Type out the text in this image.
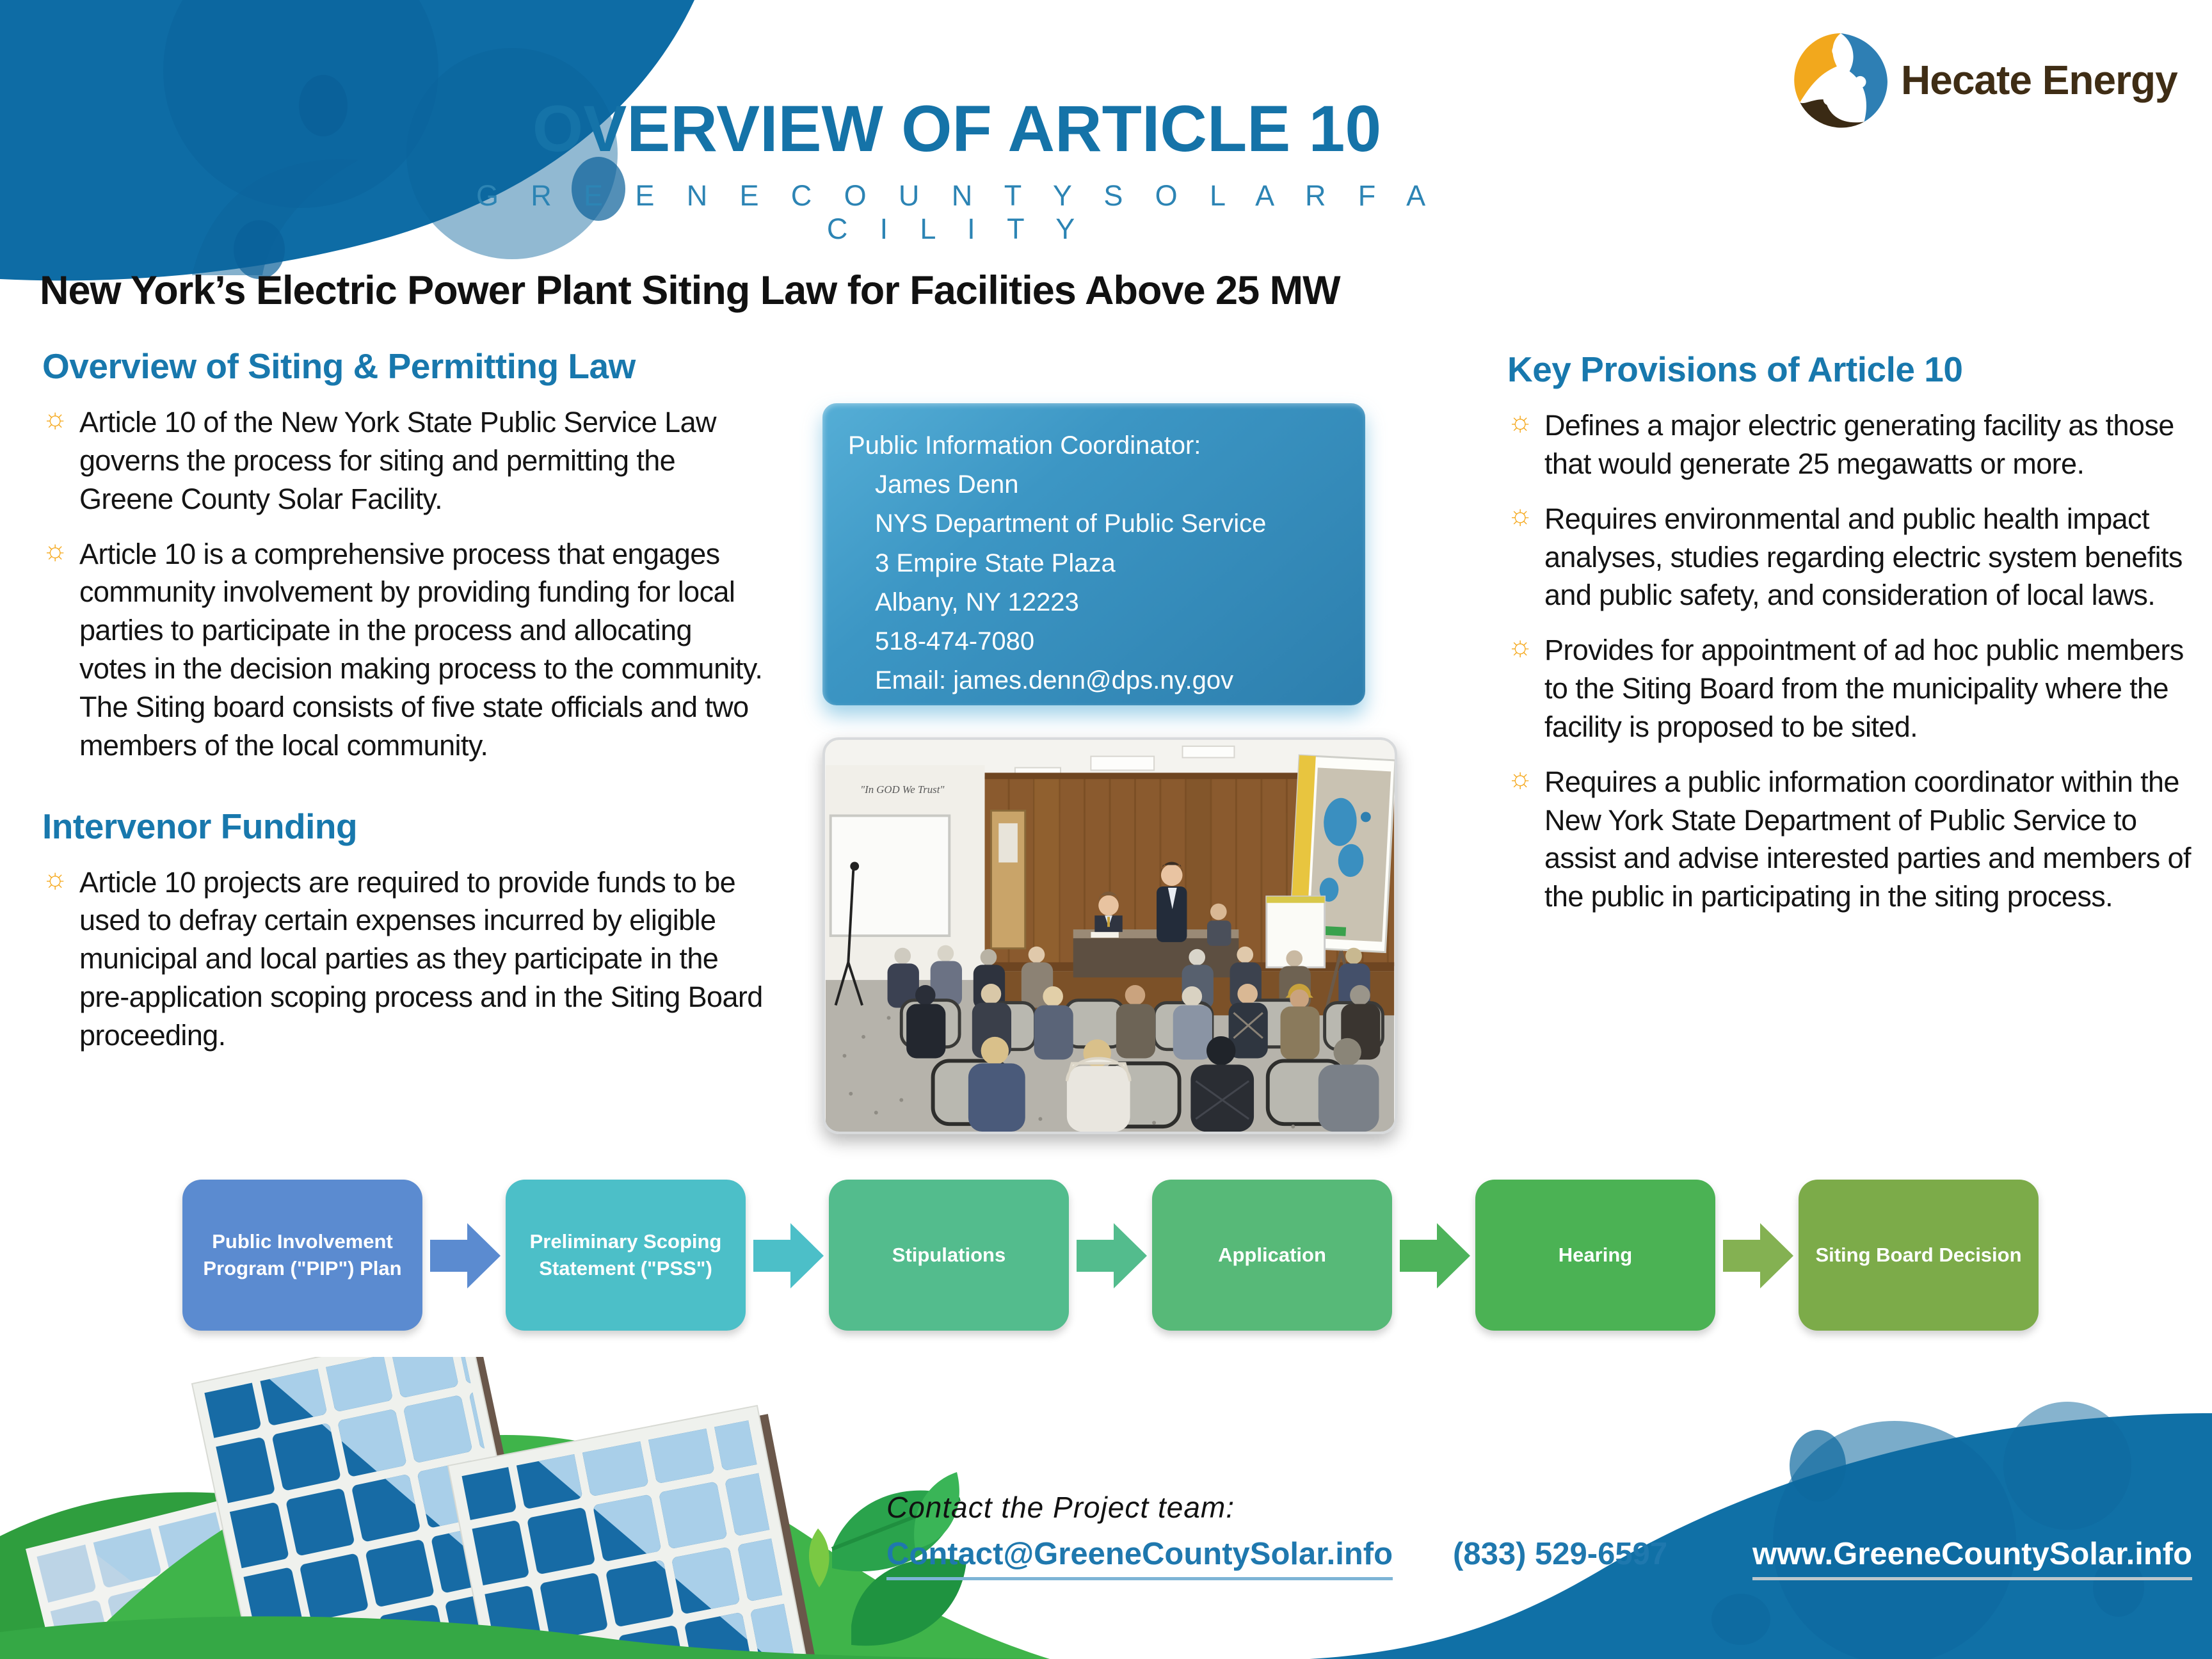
OVERVIEW OF ARTICLE 10
G R E E N E C O U N T Y S O L A R F A C I L I T Y
Hecate Energy
New York’s Electric Power Plant Siting Law for Facilities Above 25 MW
Overview of Siting & Permitting Law
☼ Article 10 of the New York State Public Service Law governs the process for siting and permitting the Greene County Solar Facility.
☼ Article 10 is a comprehensive process that engages community involvement by providing funding for local parties to participate in the process and allocating votes in the decision making process to the community. The Siting board consists of five state officials and two members of the local community.
Intervenor Funding
☼ Article 10 projects are required to provide funds to be used to defray certain expenses incurred by eligible municipal and local parties as they participate in the pre-application scoping process and in the Siting Board proceeding.
Key Provisions of Article 10
☼ Defines a major electric generating facility as those that would generate 25 megawatts or more.
☼ Requires environmental and public health impact analyses, studies regarding electric system benefits and public safety, and consideration of local laws.
☼ Provides for appointment of ad hoc public members to the Siting Board from the municipality where the facility is proposed to be sited.
☼ Requires a public information coordinator within the New York State Department of Public Service to assist and advise interested parties and members of the public in participating in the siting process.
Public Information Coordinator:
James Denn
NYS Department of Public Service
3 Empire State Plaza
Albany, NY 12223
518-474-7080
Email: james.denn@dps.ny.gov
"In GOD We Trust"
Public Involvement Program ("PIP") Plan
Preliminary Scoping Statement ("PSS")
Stipulations	Application	Hearing	Siting Board Decision
Contact the Project team:
Contact@GreeneCountySolar.info (833) 529-6597	www.GreeneCountySolar.info
